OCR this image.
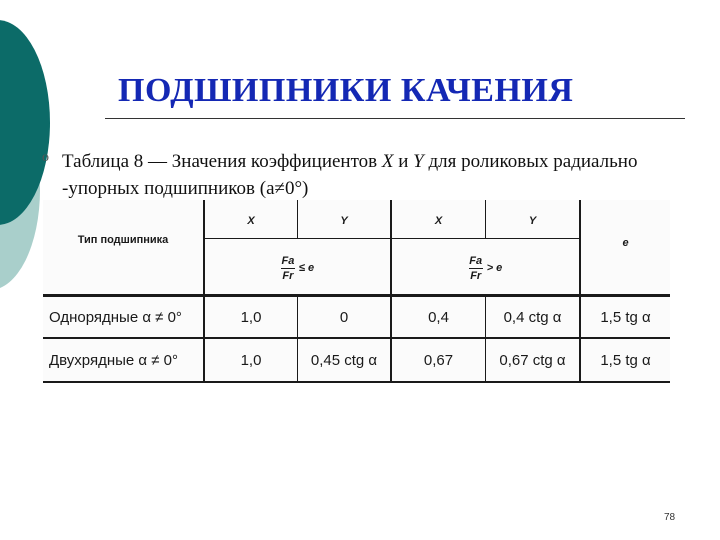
ПОДШИПНИКИ КАЧЕНИЯ
o Таблица 8 — Значения коэффициентов X и Y для роликовых радиально
-упорных подшипников (a≠0°)
Тип подшипника
X	Y	X	Y
e
$\frac{Fa}{Fr} \le e$	$\frac{Fa}{Fr} > e$
Однорядные α ≠ 0°	1,0	0	0,4	0,4 ctg α	1,5 tg α
Двухрядные α ≠ 0°	1,0	0,45 ctg α	0,67	0,67 ctg α	1,5 tg α
78
